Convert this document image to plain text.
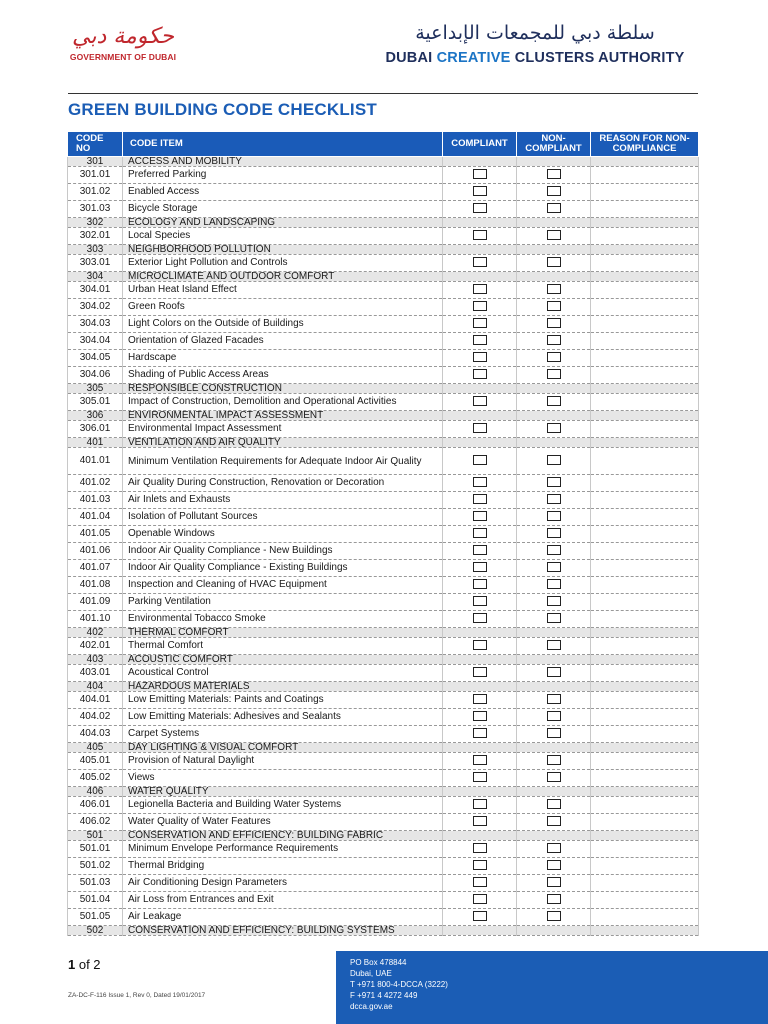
حكومة دبي
GOVERNMENT OF DUBAI
سلطة دبي للمجمعات الإبداعية
DUBAI CREATIVE CLUSTERS AUTHORITY
GREEN BUILDING CODE CHECKLIST
CODE NO	CODE ITEM	COMPLIANT	NON-COMPLIANT	REASON FOR NON-COMPLIANCE
301	ACCESS AND MOBILITY			
301.01	Preferred Parking			
301.02	Enabled Access			
301.03	Bicycle Storage			
302	ECOLOGY AND LANDSCAPING			
302.01	Local Species			
303	NEIGHBORHOOD POLLUTION			
303.01	Exterior Light Pollution and Controls			
304	MICROCLIMATE AND OUTDOOR COMFORT			
304.01	Urban Heat Island Effect			
304.02	Green Roofs			
304.03	Light Colors on the Outside of Buildings			
304.04	Orientation of Glazed Facades			
304.05	Hardscape			
304.06	Shading of Public Access Areas			
305	RESPONSIBLE CONSTRUCTION			
305.01	Impact of Construction, Demolition and Operational Activities			
306	ENVIRONMENTAL IMPACT ASSESSMENT			
306.01	Environmental Impact Assessment			
401	VENTILATION AND AIR QUALITY			
401.01	Minimum Ventilation Requirements for Adequate Indoor Air Quality			
401.02	Air Quality During Construction, Renovation or Decoration			
401.03	Air Inlets and Exhausts			
401.04	Isolation of Pollutant Sources			
401.05	Openable Windows			
401.06	Indoor Air Quality Compliance - New Buildings			
401.07	Indoor Air Quality Compliance - Existing Buildings			
401.08	Inspection and Cleaning of HVAC Equipment			
401.09	Parking Ventilation			
401.10	Environmental Tobacco Smoke			
402	THERMAL COMFORT			
402.01	Thermal Comfort			
403	ACOUSTIC COMFORT			
403.01	Acoustical Control			
404	HAZARDOUS MATERIALS			
404.01	Low Emitting Materials: Paints and Coatings			
404.02	Low Emitting Materials: Adhesives and Sealants			
404.03	Carpet Systems			
405	DAY LIGHTING & VISUAL COMFORT			
405.01	Provision of Natural Daylight			
405.02	Views			
406	WATER QUALITY			
406.01	Legionella Bacteria and Building Water Systems			
406.02	Water Quality of Water Features			
501	CONSERVATION AND EFFICIENCY: BUILDING FABRIC			
501.01	Minimum Envelope Performance Requirements			
501.02	Thermal Bridging			
501.03	Air Conditioning Design Parameters			
501.04	Air Loss from Entrances and Exit			
501.05	Air Leakage			
502	CONSERVATION AND EFFICIENCY: BUILDING SYSTEMS			
1 of 2
ZA-DC-F-116 Issue 1, Rev 0, Dated 19/01/2017
PO Box 478844
Dubai, UAE
T +971 800-4-DCCA (3222)
F +971 4 4272 449
dcca.gov.ae
